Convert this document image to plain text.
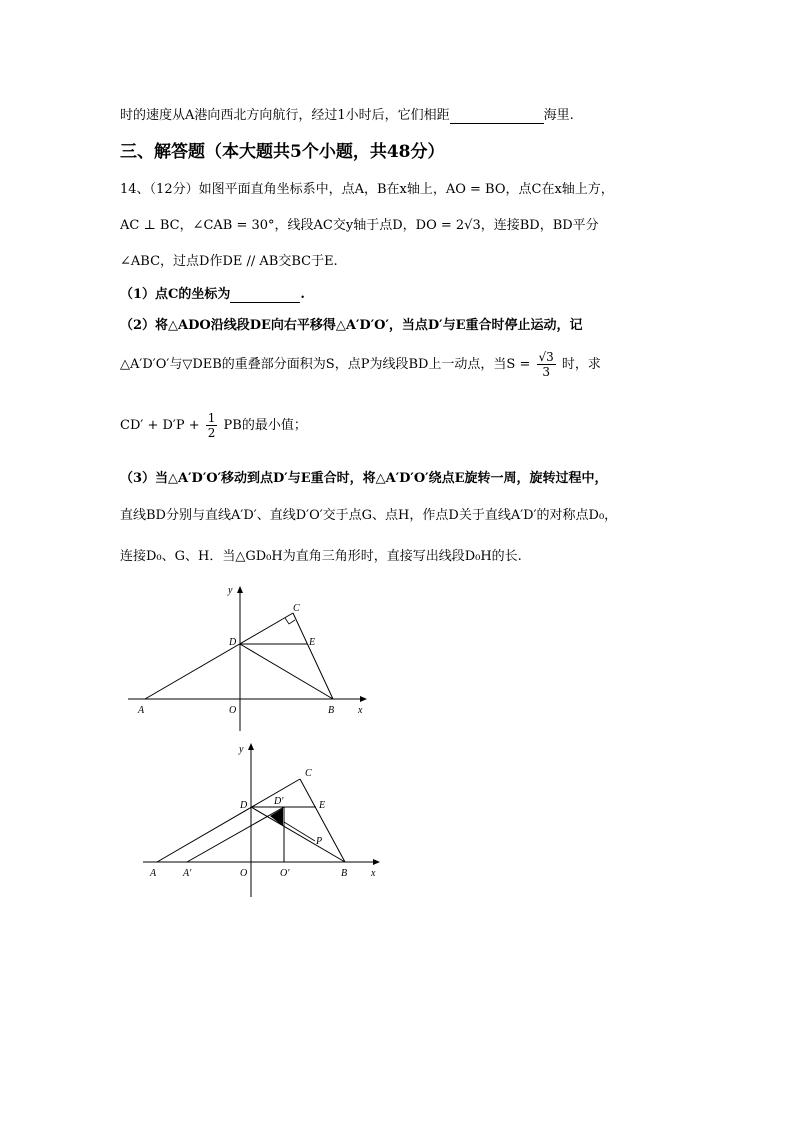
时的速度从A港向西北方向航行，经过1小时后，它们相距	海里.
三、解答题（本大题共5个小题，共48分）
14、（12分）如图平面直角坐标系中，点A，B在x轴上，AO = BO，点C在x轴上方，
AC ⊥ BC，∠CAB = 30°，线段AC交y轴于点D，DO = 2√3，连接BD，BD平分
∠ABC，过点D作DE // AB交BC于E.
（1）点C的坐标为	.
（2）将△ADO沿线段DE向右平移得△A′D′O′，当点D′与E重合时停止运动，记
△A′D′O′与▽DEB的重叠部分面积为S，点P为线段BD上一动点，当$S = \frac{√3}{3}$ 时，求
$CD' + D'P + \frac{1}{2}$ PB的最小值；
（3）当△A′D′O′移动到点D′与E重合时，将△A′D′O′绕点E旋转一周，旋转过程中，
直线BD分别与直线A′D′、直线D′O′交于点G、点H，作点D关于直线A′D′的对称点D₀，
连接D₀、G、H．当△GD₀H为直角三角形时，直接写出线段D₀H的长.
y
x
A	O	B
C
D	E
y
x
A	A′	O	O′	B
C
D	D′	E
P
